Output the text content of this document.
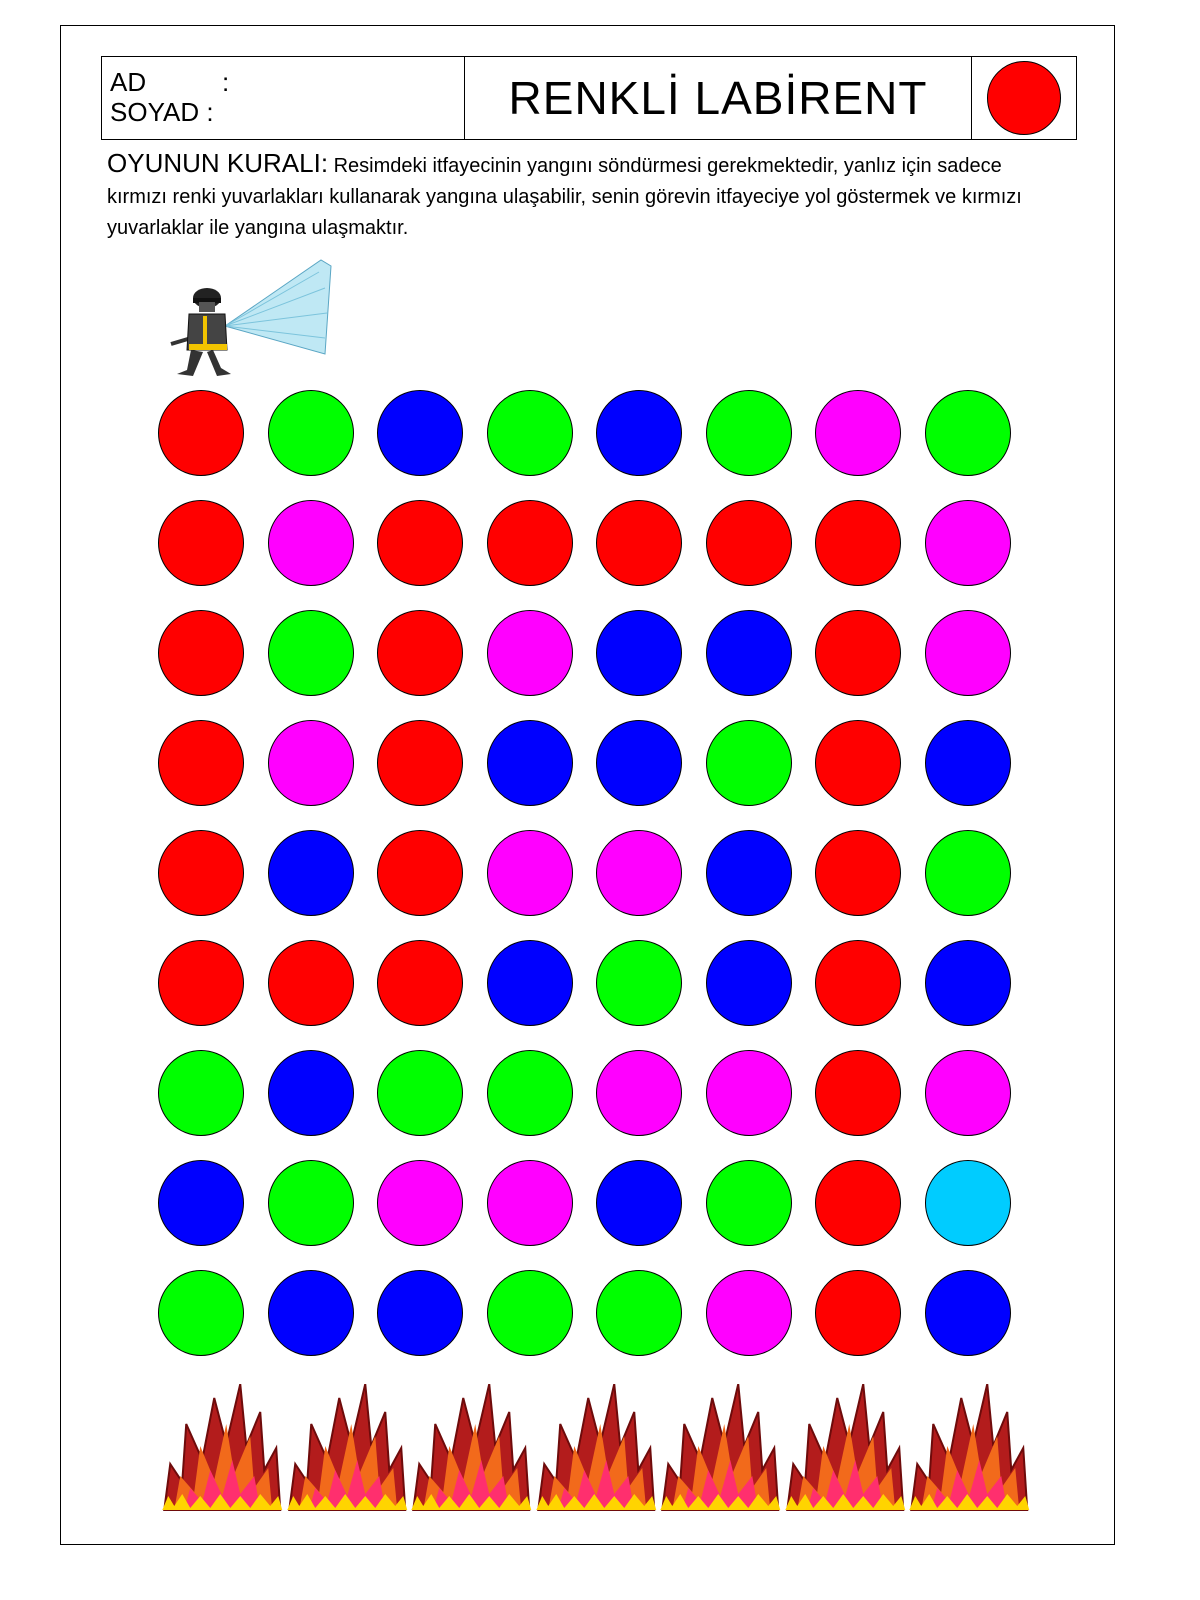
AD	:
SOYAD :	RENKLİ LABİRENT
OYUNUN KURALI: Resimdeki itfayecinin yangını söndürmesi gerekmektedir, yanlız için sadece kırmızı renki yuvarlakları kullanarak yangına ulaşabilir, senin görevin itfayeciye yol göstermek ve kırmızı yuvarlaklar ile yangına ulaşmaktır.
